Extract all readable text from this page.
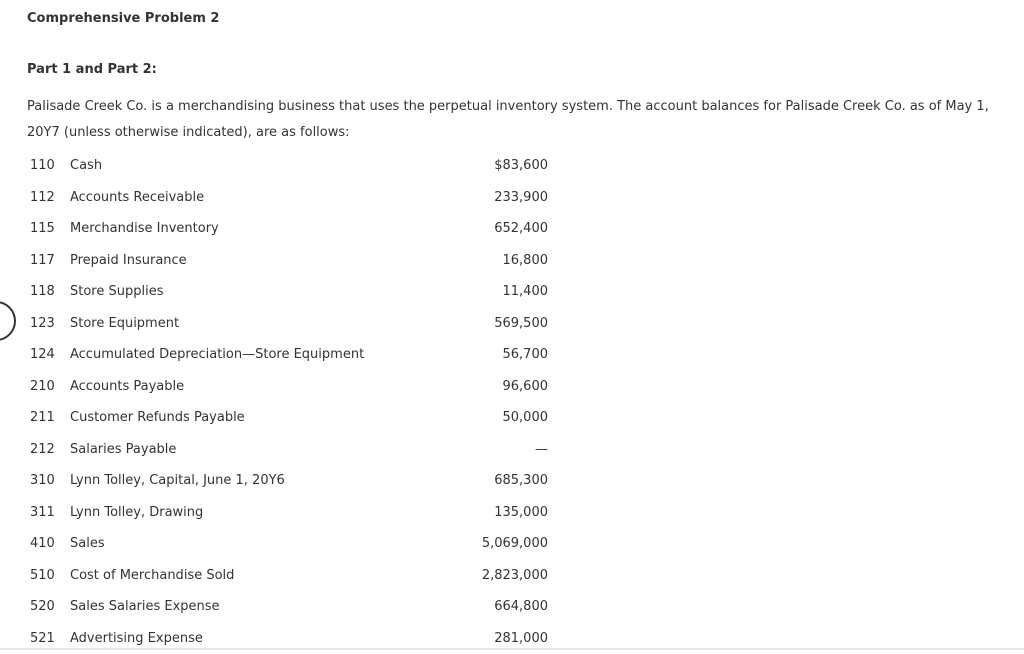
Comprehensive Problem 2
Part 1 and Part 2:

Palisade Creek Co. is a merchandising business that uses the perpetual inventory system. The account balances for Palisade Creek Co. as of May 1, 20Y7 (unless otherwise indicated), are as follows:

110	Cash	$83,600
112	Accounts Receivable	233,900
115	Merchandise Inventory	652,400
117	Prepaid Insurance	16,800
118	Store Supplies	11,400
123	Store Equipment	569,500
124	Accumulated Depreciation—Store Equipment	56,700
210	Accounts Payable	96,600
211	Customer Refunds Payable	50,000
212	Salaries Payable	—
310	Lynn Tolley, Capital, June 1, 20Y6	685,300
311	Lynn Tolley, Drawing	135,000
410	Sales	5,069,000
510	Cost of Merchandise Sold	2,823,000
520	Sales Salaries Expense	664,800
521	Advertising Expense	281,000
